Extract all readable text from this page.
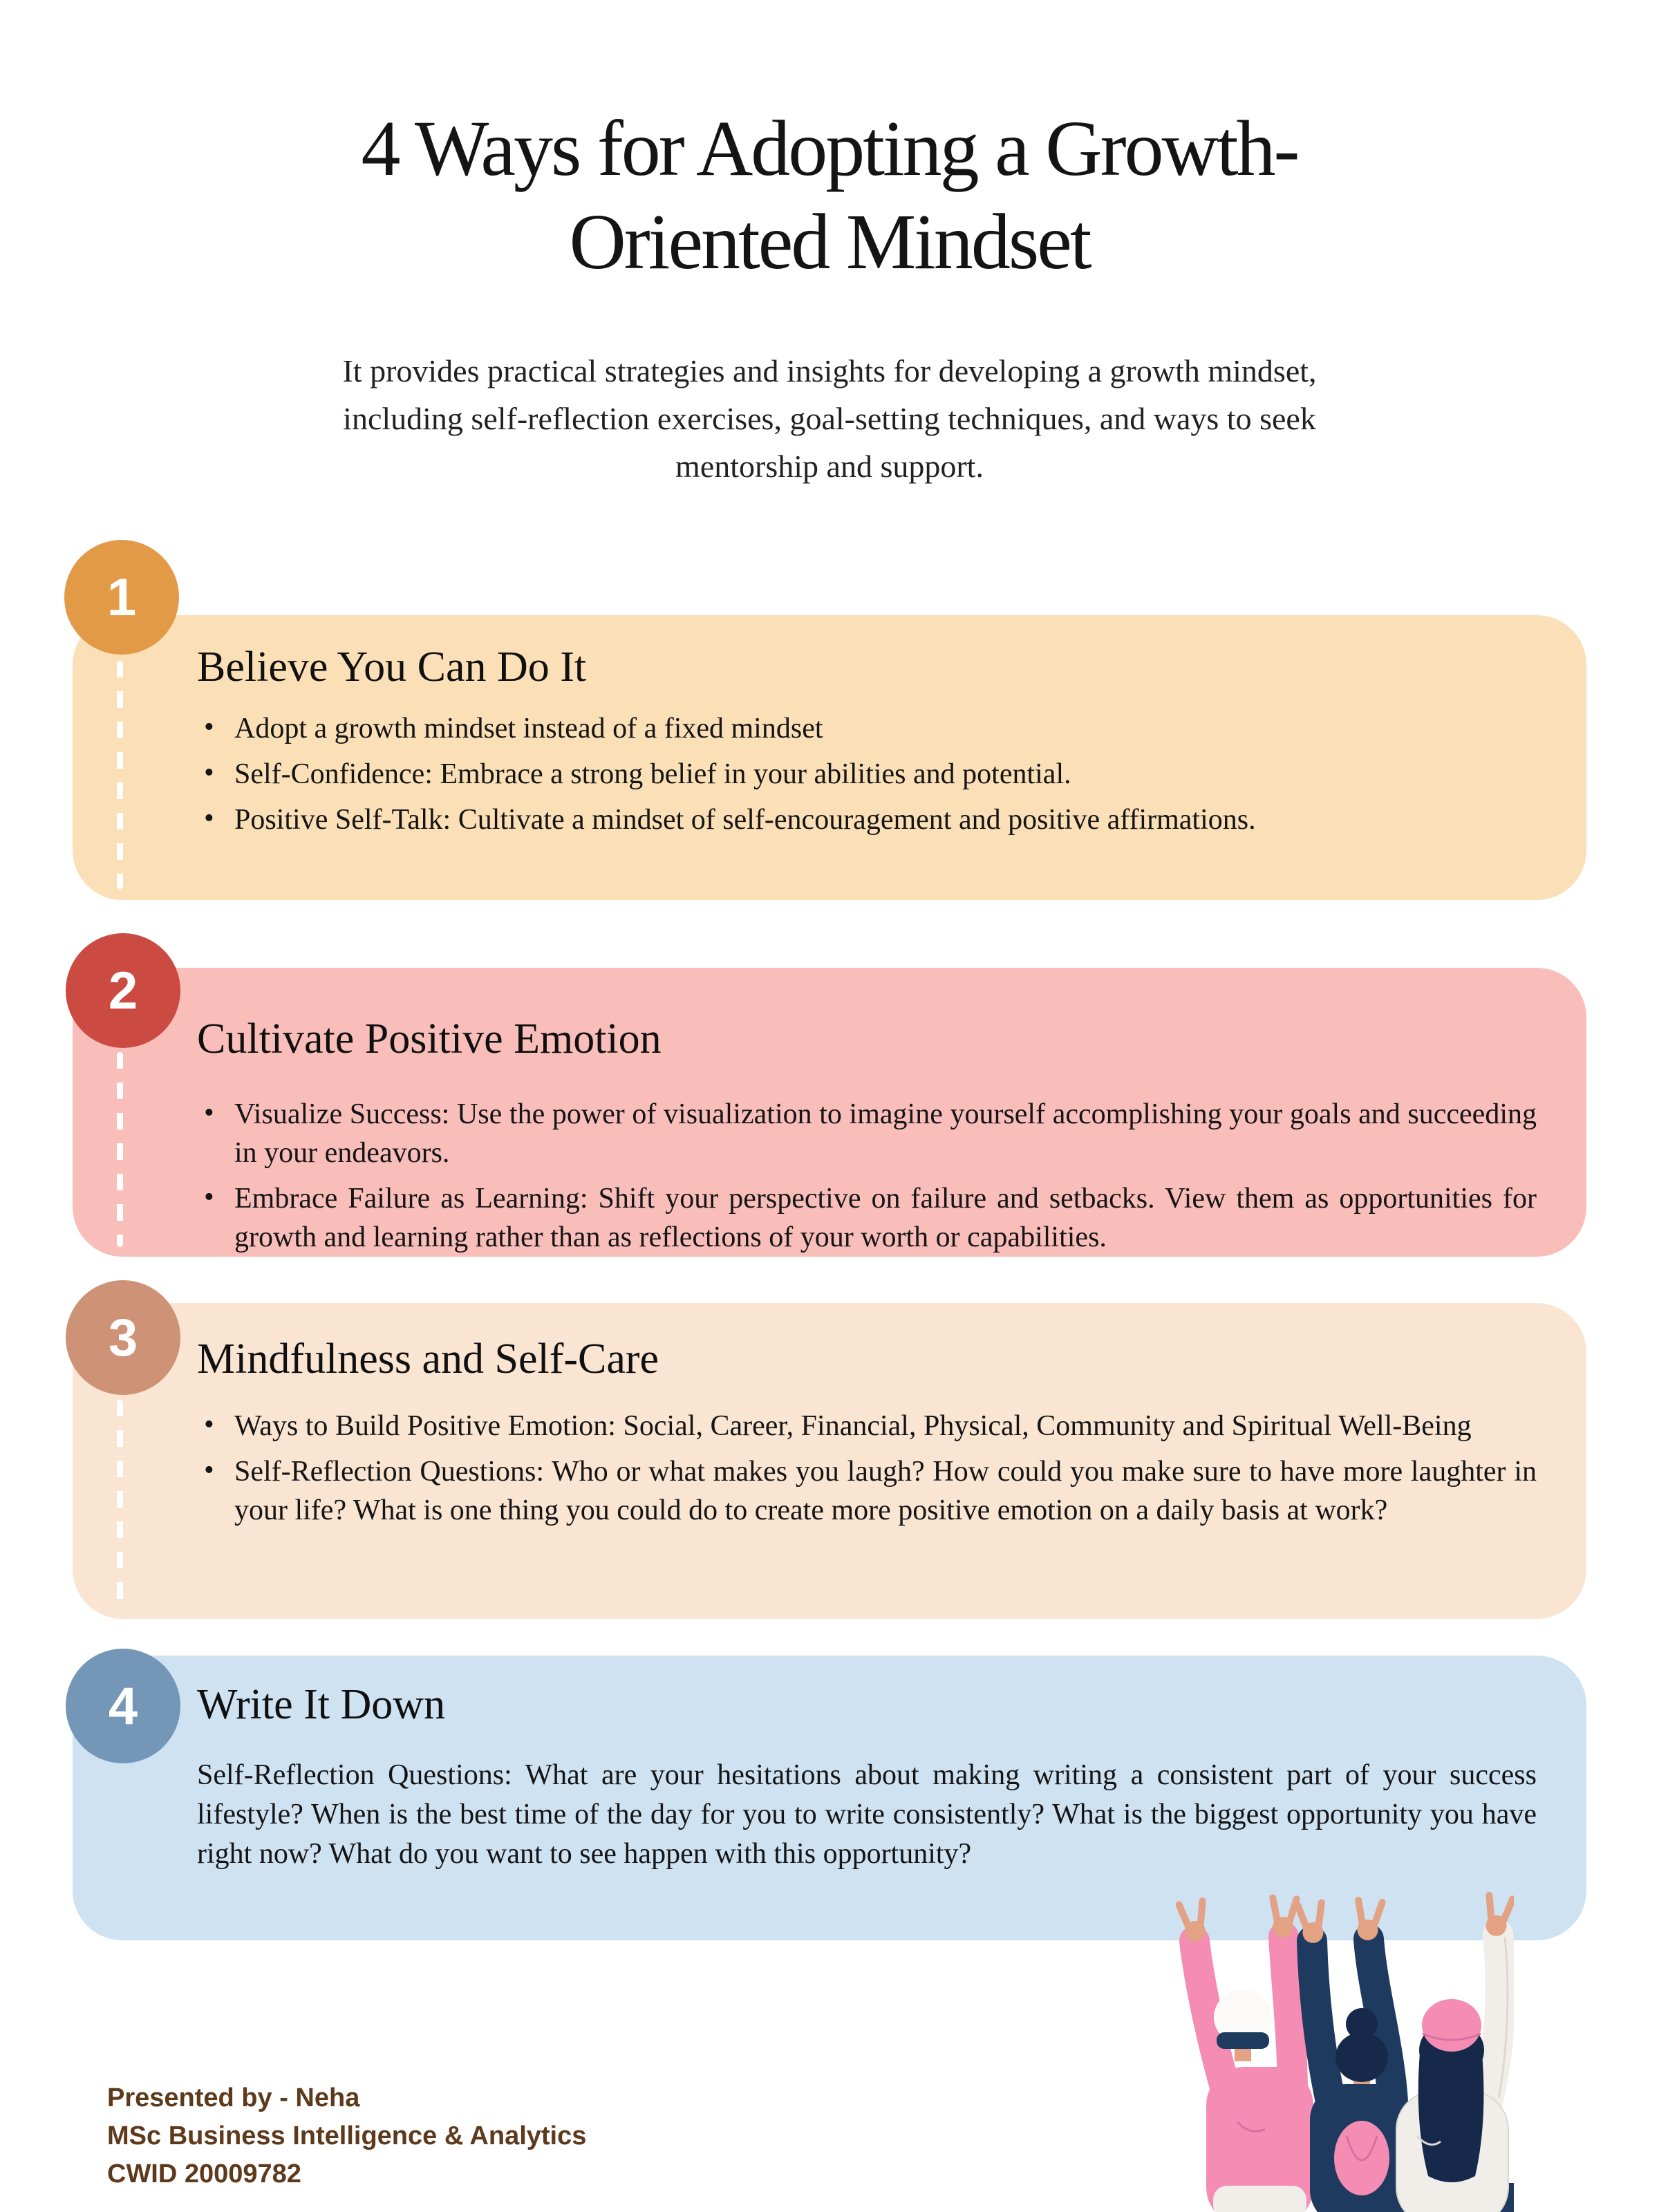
4 Ways for Adopting a Growth-
Oriented Mindset
It provides practical strategies and insights for developing a growth mindset, including self-reflection exercises, goal-setting techniques, and ways to seek mentorship and support.
1
Believe You Can Do It
• Adopt a growth mindset instead of a fixed mindset
• Self-Confidence: Embrace a strong belief in your abilities and potential.
• Positive Self-Talk: Cultivate a mindset of self-encouragement and positive affirmations.
2
Cultivate Positive Emotion
• Visualize Success: Use the power of visualization to imagine yourself accomplishing your goals and succeeding in your endeavors.
• Embrace Failure as Learning: Shift your perspective on failure and setbacks. View them as opportunities for growth and learning rather than as reflections of your worth or capabilities.
3	Mindfulness and Self-Care
• Ways to Build Positive Emotion: Social, Career, Financial, Physical, Community and Spiritual Well-Being
• Self-Reflection Questions: Who or what makes you laugh? How could you make sure to have more laughter in your life? What is one thing you could do to create more positive emotion on a daily basis at work?
4	Write It Down

Self-Reflection Questions: What are your hesitations about making writing a consistent part of your success lifestyle? When is the best time of the day for you to write consistently? What is the biggest opportunity you have right now? What do you want to see happen with this opportunity?

Presented by - Neha
MSc Business Intelligence & Analytics
CWID 20009782
